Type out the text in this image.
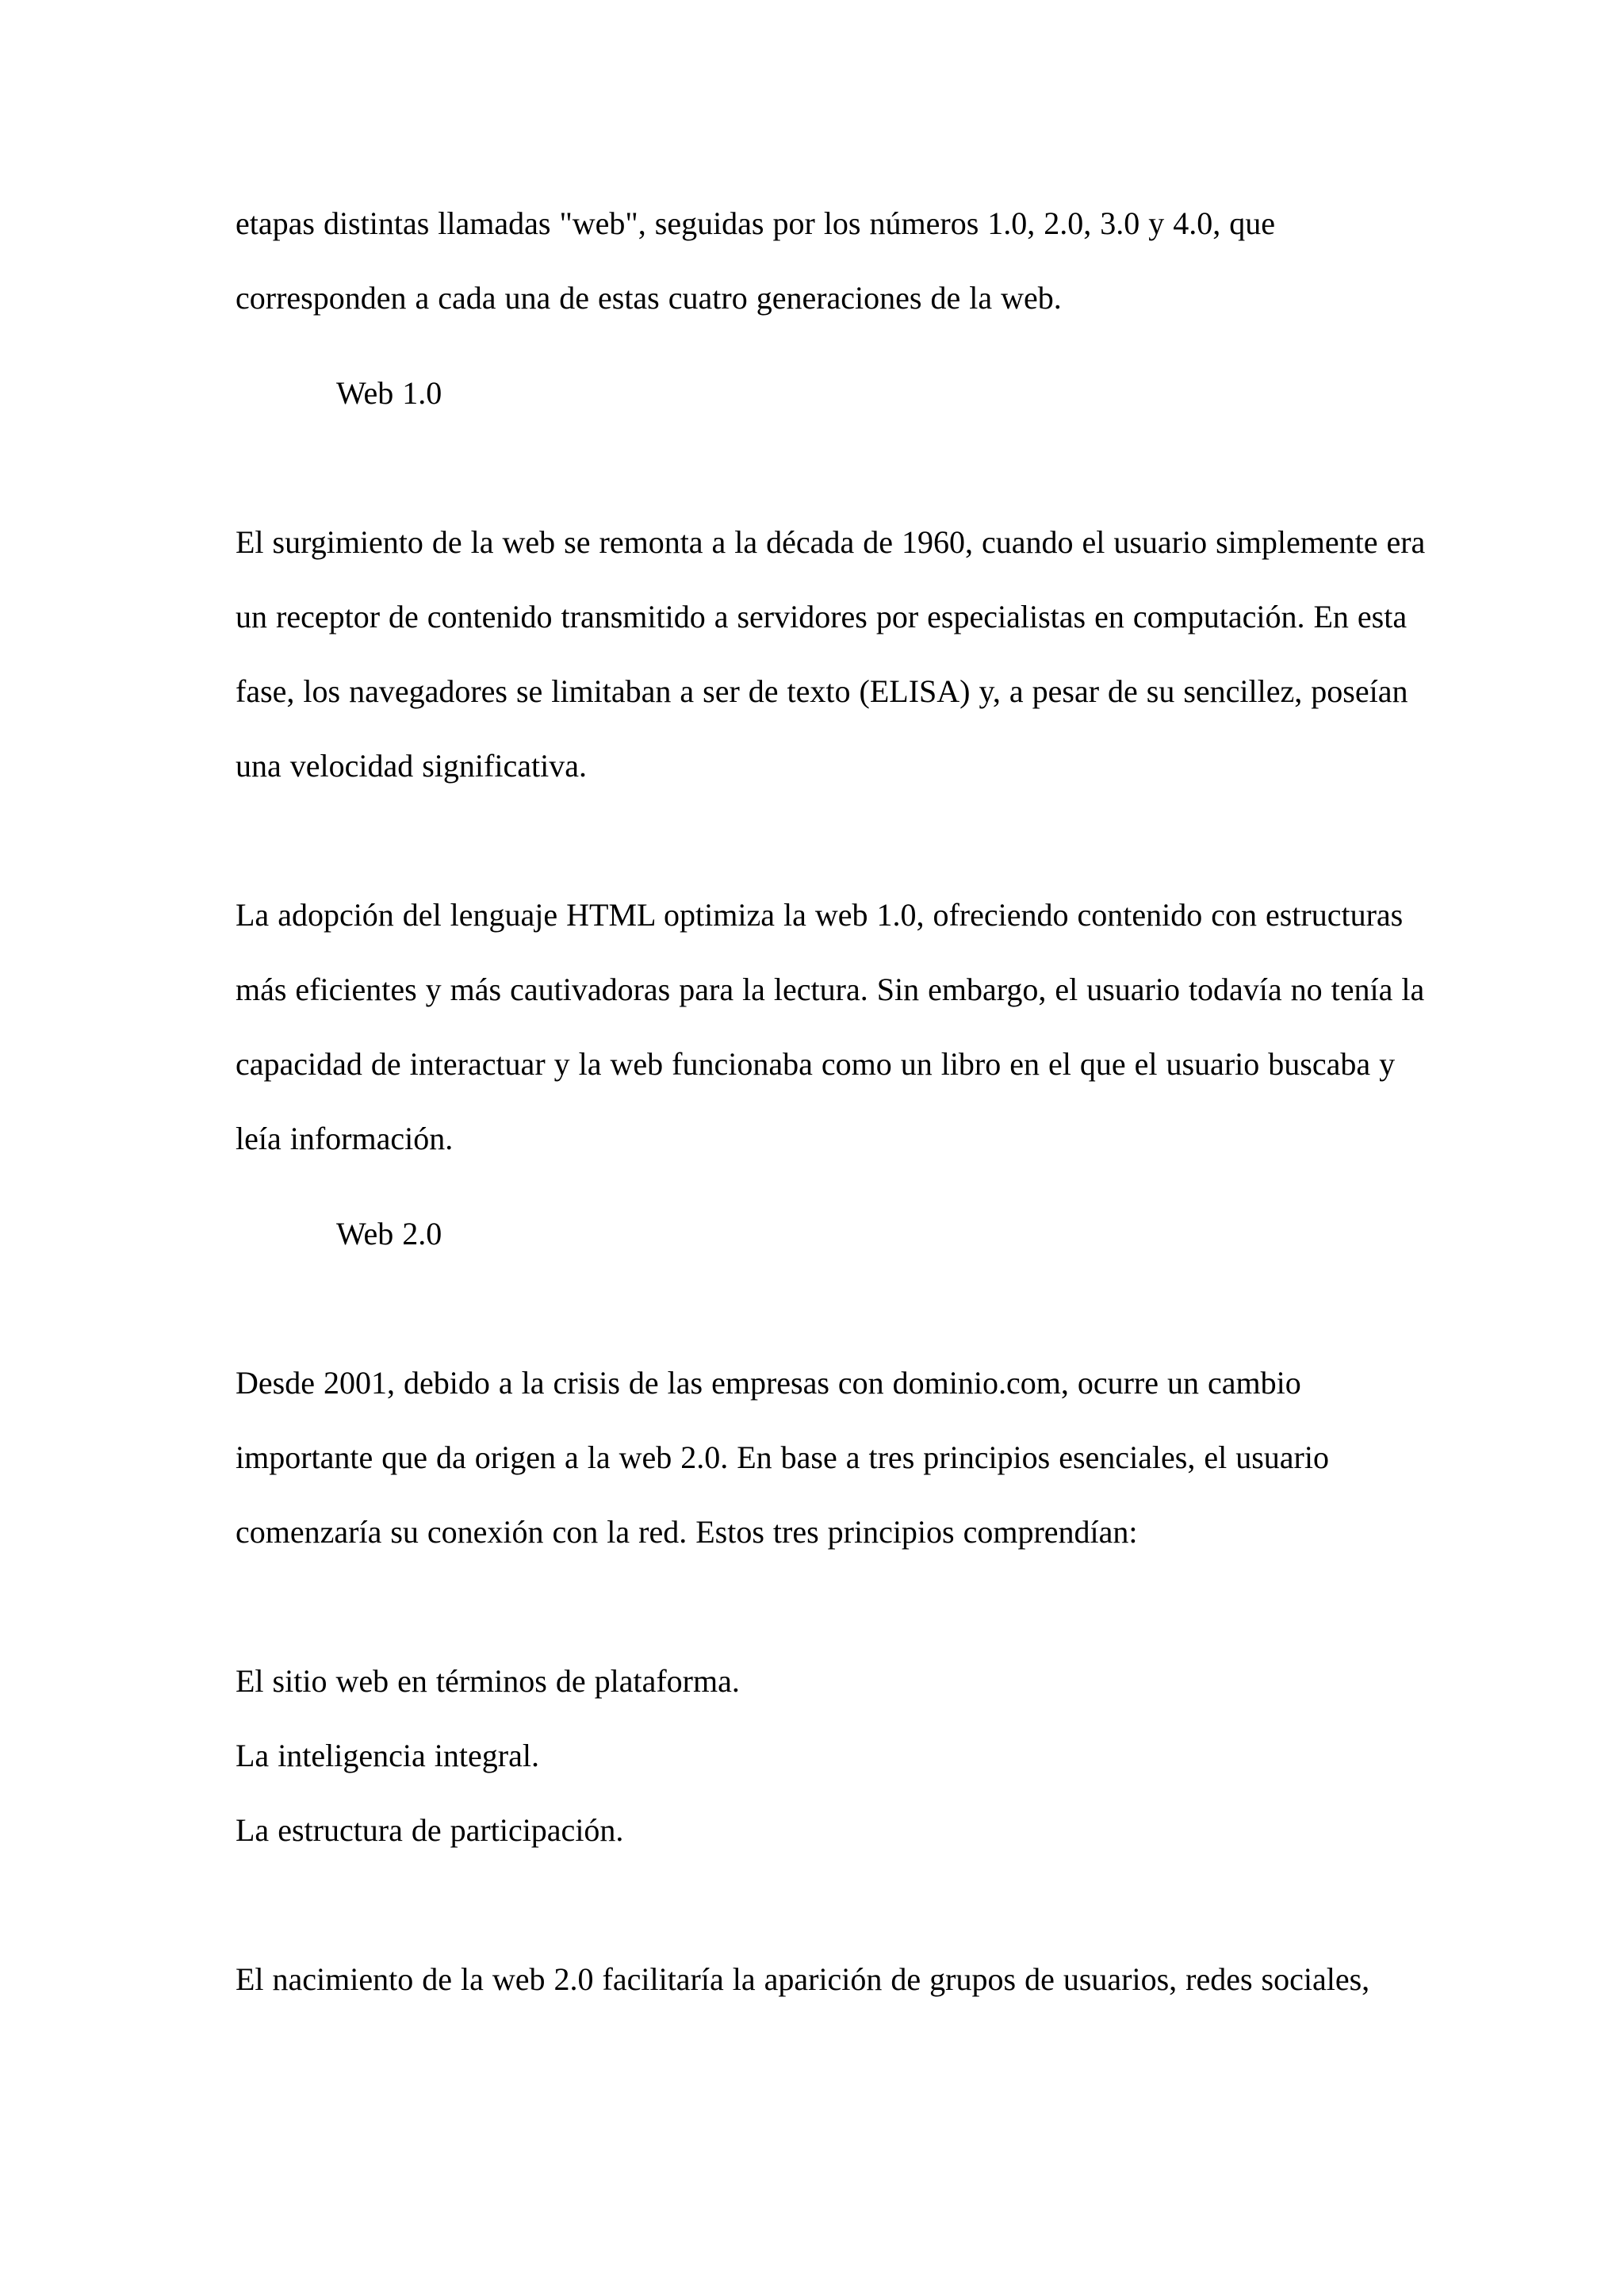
etapas distintas llamadas "web", seguidas por los números 1.0, 2.0, 3.0 y 4.0, que corresponden a cada una de estas cuatro generaciones de la web.
Web 1.0
El surgimiento de la web se remonta a la década de 1960, cuando el usuario simplemente era un receptor de contenido transmitido a servidores por especialistas en computación. En esta fase, los navegadores se limitaban a ser de texto (ELISA) y, a pesar de su sencillez, poseían una velocidad significativa.
La adopción del lenguaje HTML optimiza la web 1.0, ofreciendo contenido con estructuras más eficientes y más cautivadoras para la lectura. Sin embargo, el usuario todavía no tenía la capacidad de interactuar y la web funcionaba como un libro en el que el usuario buscaba y leía información.
Web 2.0
Desde 2001, debido a la crisis de las empresas con dominio.com, ocurre un cambio importante que da origen a la web 2.0. En base a tres principios esenciales, el usuario comenzaría su conexión con la red. Estos tres principios comprendían:
El sitio web en términos de plataforma.
La inteligencia integral.
La estructura de participación.
El nacimiento de la web 2.0 facilitaría la aparición de grupos de usuarios, redes sociales,
